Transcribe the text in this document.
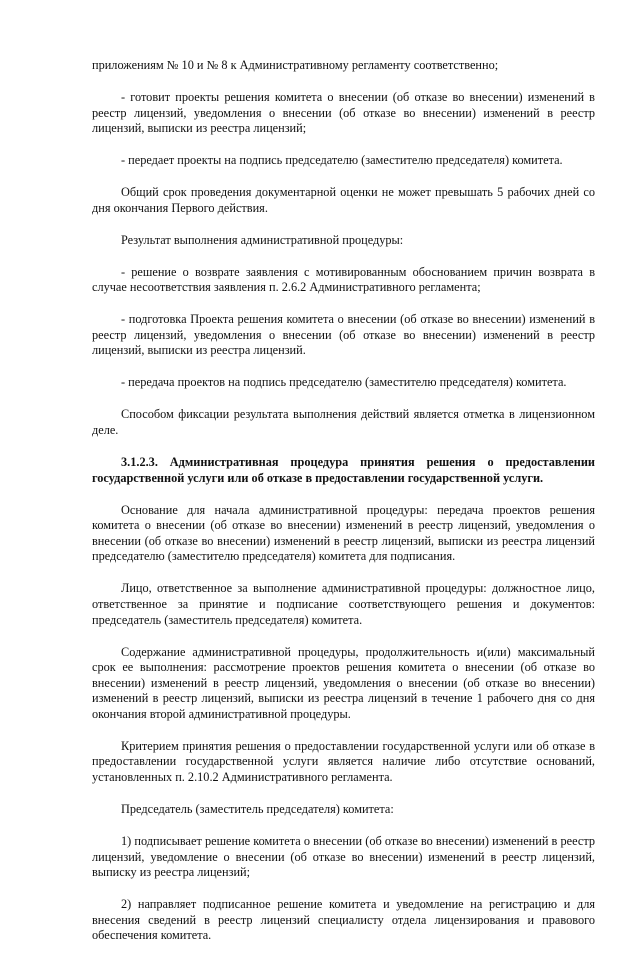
приложениям № 10 и № 8 к Административному регламенту соответственно;

- готовит проекты решения комитета о внесении (об отказе во внесении) изменений в реестр лицензий, уведомления о внесении (об отказе во внесении) изменений в реестр лицензий, выписки из реестра лицензий;

- передает проекты на подпись председателю (заместителю председателя) комитета.

Общий срок проведения документарной оценки не может превышать 5 рабочих дней со дня окончания Первого действия.

Результат выполнения административной процедуры:

- решение о возврате заявления с мотивированным обоснованием причин возврата в случае несоответствия заявления п. 2.6.2 Административного регламента;

- подготовка Проекта решения комитета о внесении (об отказе во внесении) изменений в реестр лицензий, уведомления о внесении (об отказе во внесении) изменений в реестр лицензий, выписки из реестра лицензий.

- передача проектов на подпись председателю (заместителю председателя) комитета.

Способом фиксации результата выполнения действий является отметка в лицензионном деле.

3.1.2.3. Административная процедура принятия решения о предоставлении государственной услуги или об отказе в предоставлении государственной услуги.

Основание для начала административной процедуры: передача проектов решения комитета о внесении (об отказе во внесении) изменений в реестр лицензий, уведомления о внесении (об отказе во внесении) изменений в реестр лицензий, выписки из реестра лицензий председателю (заместителю председателя) комитета для подписания.

Лицо, ответственное за выполнение административной процедуры: должностное лицо, ответственное за принятие и подписание соответствующего решения и документов: председатель (заместитель председателя) комитета.

Содержание административной процедуры, продолжительность и(или) максимальный срок ее выполнения: рассмотрение проектов решения комитета о внесении (об отказе во внесении) изменений в реестр лицензий, уведомления о внесении (об отказе во внесении) изменений в реестр лицензий, выписки из реестра лицензий в течение 1 рабочего дня со дня окончания второй административной процедуры.

Критерием принятия решения о предоставлении государственной услуги или об отказе в предоставлении государственной услуги является наличие либо отсутствие оснований, установленных п. 2.10.2 Административного регламента.

Председатель (заместитель председателя) комитета:

1) подписывает решение комитета о внесении (об отказе во внесении) изменений в реестр лицензий, уведомление о внесении (об отказе во внесении) изменений в реестр лицензий, выписку из реестра лицензий;

2) направляет подписанное решение комитета и уведомление на регистрацию и для внесения сведений в реестр лицензий специалисту отдела лицензирования и правового обеспечения комитета.
